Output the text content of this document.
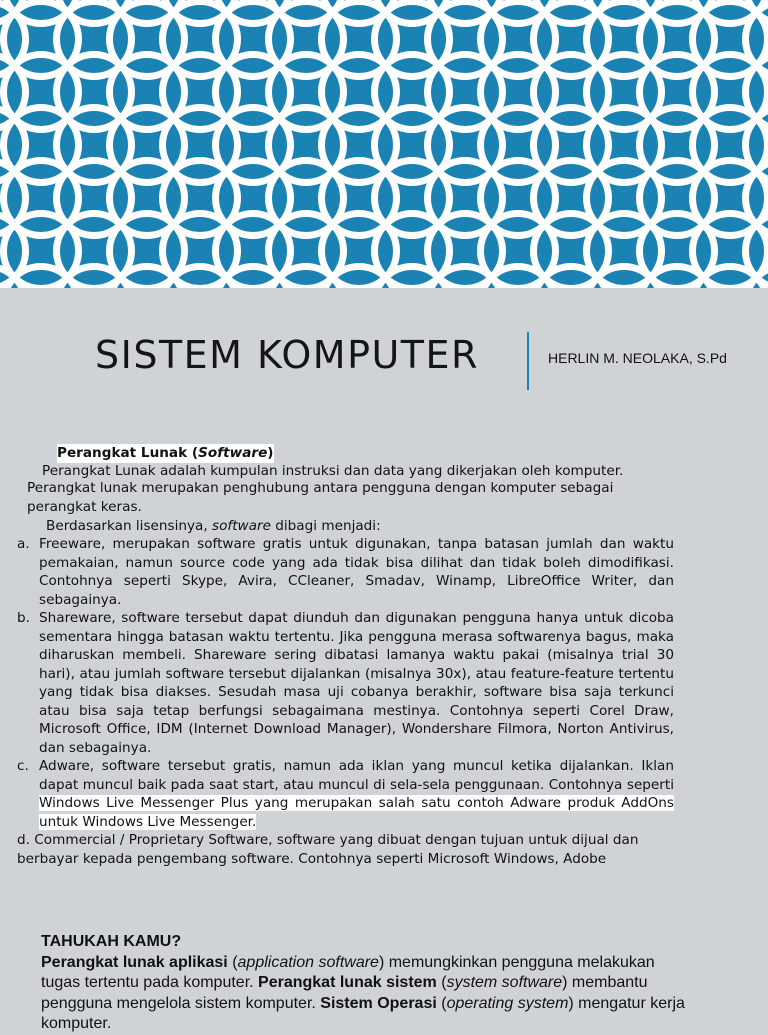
SISTEM KOMPUTER	HERLIN M. NEOLAKA, S.Pd
Perangkat Lunak (Software)
Perangkat Lunak adalah kumpulan instruksi dan data yang dikerjakan oleh komputer.
Perangkat lunak merupakan penghubung antara pengguna dengan komputer sebagai perangkat keras.
Berdasarkan lisensinya, software dibagi menjadi:
a. Freeware, merupakan software gratis untuk digunakan, tanpa batasan jumlah dan waktu pemakaian, namun source code yang ada tidak bisa dilihat dan tidak boleh dimodifikasi. Contohnya seperti Skype, Avira, CCleaner, Smadav, Winamp, LibreOffice Writer, dan sebagainya.
b. Shareware, software tersebut dapat diunduh dan digunakan pengguna hanya untuk dicoba sementara hingga batasan waktu tertentu. Jika pengguna merasa softwarenya bagus, maka diharuskan membeli. Shareware sering dibatasi lamanya waktu pakai (misalnya trial 30 hari), atau jumlah software tersebut dijalankan (misalnya 30x), atau feature-feature tertentu yang tidak bisa diakses. Sesudah masa uji cobanya berakhir, software bisa saja terkunci atau bisa saja tetap berfungsi sebagaimana mestinya. Contohnya seperti Corel Draw, Microsoft Office, IDM (Internet Download Manager), Wondershare Filmora, Norton Antivirus, dan sebagainya.
c. Adware, software tersebut gratis, namun ada iklan yang muncul ketika dijalankan. Iklan dapat muncul baik pada saat start, atau muncul di sela-sela penggunaan. Contohnya seperti Windows Live Messenger Plus yang merupakan salah satu contoh Adware produk AddOns untuk Windows Live Messenger.
d. Commercial / Proprietary Software, software yang dibuat dengan tujuan untuk dijual dan berbayar kepada pengembang software. Contohnya seperti Microsoft Windows, Adobe
TAHUKAH KAMU?
Perangkat lunak aplikasi (application software) memungkinkan pengguna melakukan tugas tertentu pada komputer. Perangkat lunak sistem (system software) membantu pengguna mengelola sistem komputer. Sistem Operasi (operating system) mengatur kerja komputer.
